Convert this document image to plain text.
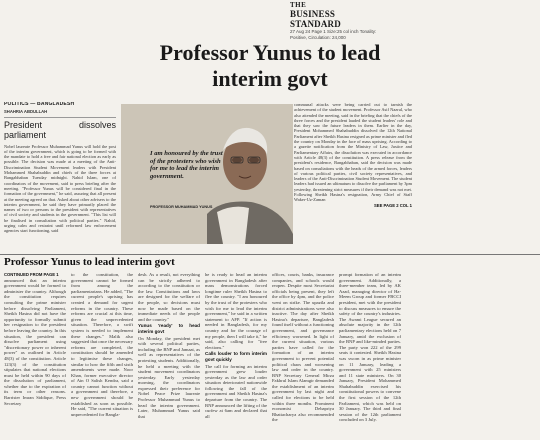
THE
BUSINESS
STANDARD
27 Aug 24 Page 1 Size:25 col inch Tonality: Positive, Circulation: 24,000
Professor Yunus to lead
interim govt
POLITICS — BANGLADESH
SHAHRIA ABDULLAH
President dissolves parliament
Nobel laureate Professor Muhammad Yunus will hold the post of the interim government, which is going to be formed with the mandate to hold a free and fair national election as early as possible. The decision was made at a meeting of the Anti-Discrimination Student Movement leaders with President Mohammed Shahabuddin and chiefs of the three forces at Bangabhaban Tuesday midnight. Nahid Islam, one of coordinators of the movement, said to press briefing after the meeting. "Professor Yunus will be considered final in the formation of the government," he said, assuring that all present at the meeting agreed on that. Asked about other advisers to the interim government, he said they have primarily placed the names of two or persons to the president with representatives of civil society and students in the government. "This list will be finalised in consultation with political parties." Nahid, urging calm and restraint until reformed law enforcement agencies start functioning, said
communal attacks were being carried out to tarnish the achievement of the student movement. Professor Asif Nazrul, who also attended the meeting, said in the briefing that the chiefs of the three forces and the president lauded the student leaders' role and that they saw the future leaders in them. Earlier in the day, President Mohammed Shahabuddin dissolved the 12th National Parliament after Sheikh Hasina resigned as prime minister and fled the country on Monday in the face of mass uprising. According to a gazette notification from the Ministry of Law, Justice and Parliamentary Affairs, the dissolution was executed in accordance with Article 48(3) of the constitution. A press release from the president's residence, Bangabhaban, said the decision was made based on consultations with the heads of the armed forces, leaders of various political parties, civil society representatives, and leaders of the Anti-Discrimination Student Movement. The student leaders had issued an ultimatum to dissolve the parliament by 3pm yesterday, threatening strict measures if their demand was not met. Following Sheikh Hasina's resignation, Army Chief of Staff Waker-Uz-Zaman
SEE PAGE 2 COL 1
I am honoured by the trust of the protesters who wish for me to lead the interim government.
PROFESSOR MUHAMMAD YUNUS
Professor Yunus to lead interim govt
CONTINUED FROM PAGE 1
announced that an interim government would be formed to administer the country. Although the constitution requires consulting the prime minister before dissolving Parliament, Sheikh Hasina did not have the opportunity to formally submit her resignation to the president before leaving the country. In this situation, the president can dissolve parliament using "discretionary power or inherent power" as outlined in Article 48(3) of the constitution. Article 123(3) of the constitution stipulates that national elections must be held within 90 days of the dissolution of parliament, whether due to the expiration of its term or other reasons. Barrister Imran Siddique, Press Secretary
to the constitution, the government cannot be formed from among the parliamentarians. He added, "The current people's uprising has created a demand for urgent reforms in the country. These reforms are crucial at this time, given the unprecedented situation. Therefore, a swift system is needed to implement these changes." Malik also suggested that once the necessary reforms are completed, the constitution should be amended to legitimise these changes, similar to how the fifth and sixth amendments were made. Noor Khan, former executive director of Ain O Salish Kendra, said a country cannot function without a government and therefore, a new government should be established as soon as possible. He said, "The current situation is unprecedented for Bangla-
desh. As a result, not everything can be strictly adhered to according to the constitution or the law. Constitutions and laws are designed for the welfare of the people, so decisions must now be made based on the immediate needs of the people and the country."
Yunus 'ready' to head interim govt
On Monday, the president met with several political parties, including the BNP and Jamaat, as well as representatives of the protesting students. Additionally, he held a meeting with the student movement coordinators yesterday. Early yesterday morning, the coordinators expressed their preference for Nobel Peace Prize laureate Professor Muhammad Yunus to head the interim government. Later, Muhammad Yunus said that
he is ready to head an interim government in Bangladesh after mass demonstrations forced longtime ruler Sheikh Hasina to flee the country. "I am honoured by the trust of the protesters who wish for me to lead the interim government," he said in a written statement to AFP. "If action is needed in Bangladesh, for my country and for the courage of my people, then I will take it," he said, also calling for "free elections."
Calls louder to form interim govt quickly
The call for forming an interim government grew louder yesterday as the law and order situation deteriorated nationwide following the fall of the government and Sheikh Hasina's departure from the country. The BNP announced the lifting of the curfew at 6am and declared that all
offices, courts, banks, insurance companies, and schools would reopen. Despite most Secretariat officials being present, they left the office by 4pm, and the police went on strike. The upazila and district administrations were also inactive. The day after Sheikh Hasina's departure, Bangladesh found itself without a functioning government, and governance efficiency worsened. In light of the current situation, various parties have called for the formation of an interim government to prevent potential political chaos and worsening law and order in the country. BNP Secretary General Mirza Fakhrul Islam Alamgir demanded the establishment of an interim government by last night and called for elections to be held within three months. Prominent economist Debapriya Bhattacharya also recommended the
prompt formation of an interim government. Additionally, a three-member team, led by AK Azad, managing director of Ha-Meem Group and former FBCCI president, met with the president to discuss measures to ensure the safety of the country's industries. The Awami League secured an absolute majority in the 12th parliamentary elections held on 7 January, amid the exclusion of the BNP and like-minded parties. The party won 222 of the 299 seats it contested. Sheikh Hasina was sworn in as prime minister on 11 January, leading a government with 25 ministers and 11 state ministers. On 30 January, President Mohammed Shahabuddin exercised his constitutional powers to convene the first session of the 12th Parliament, which was held on 30 January. The third and final session of the 12th parliament concluded on 3 July.
